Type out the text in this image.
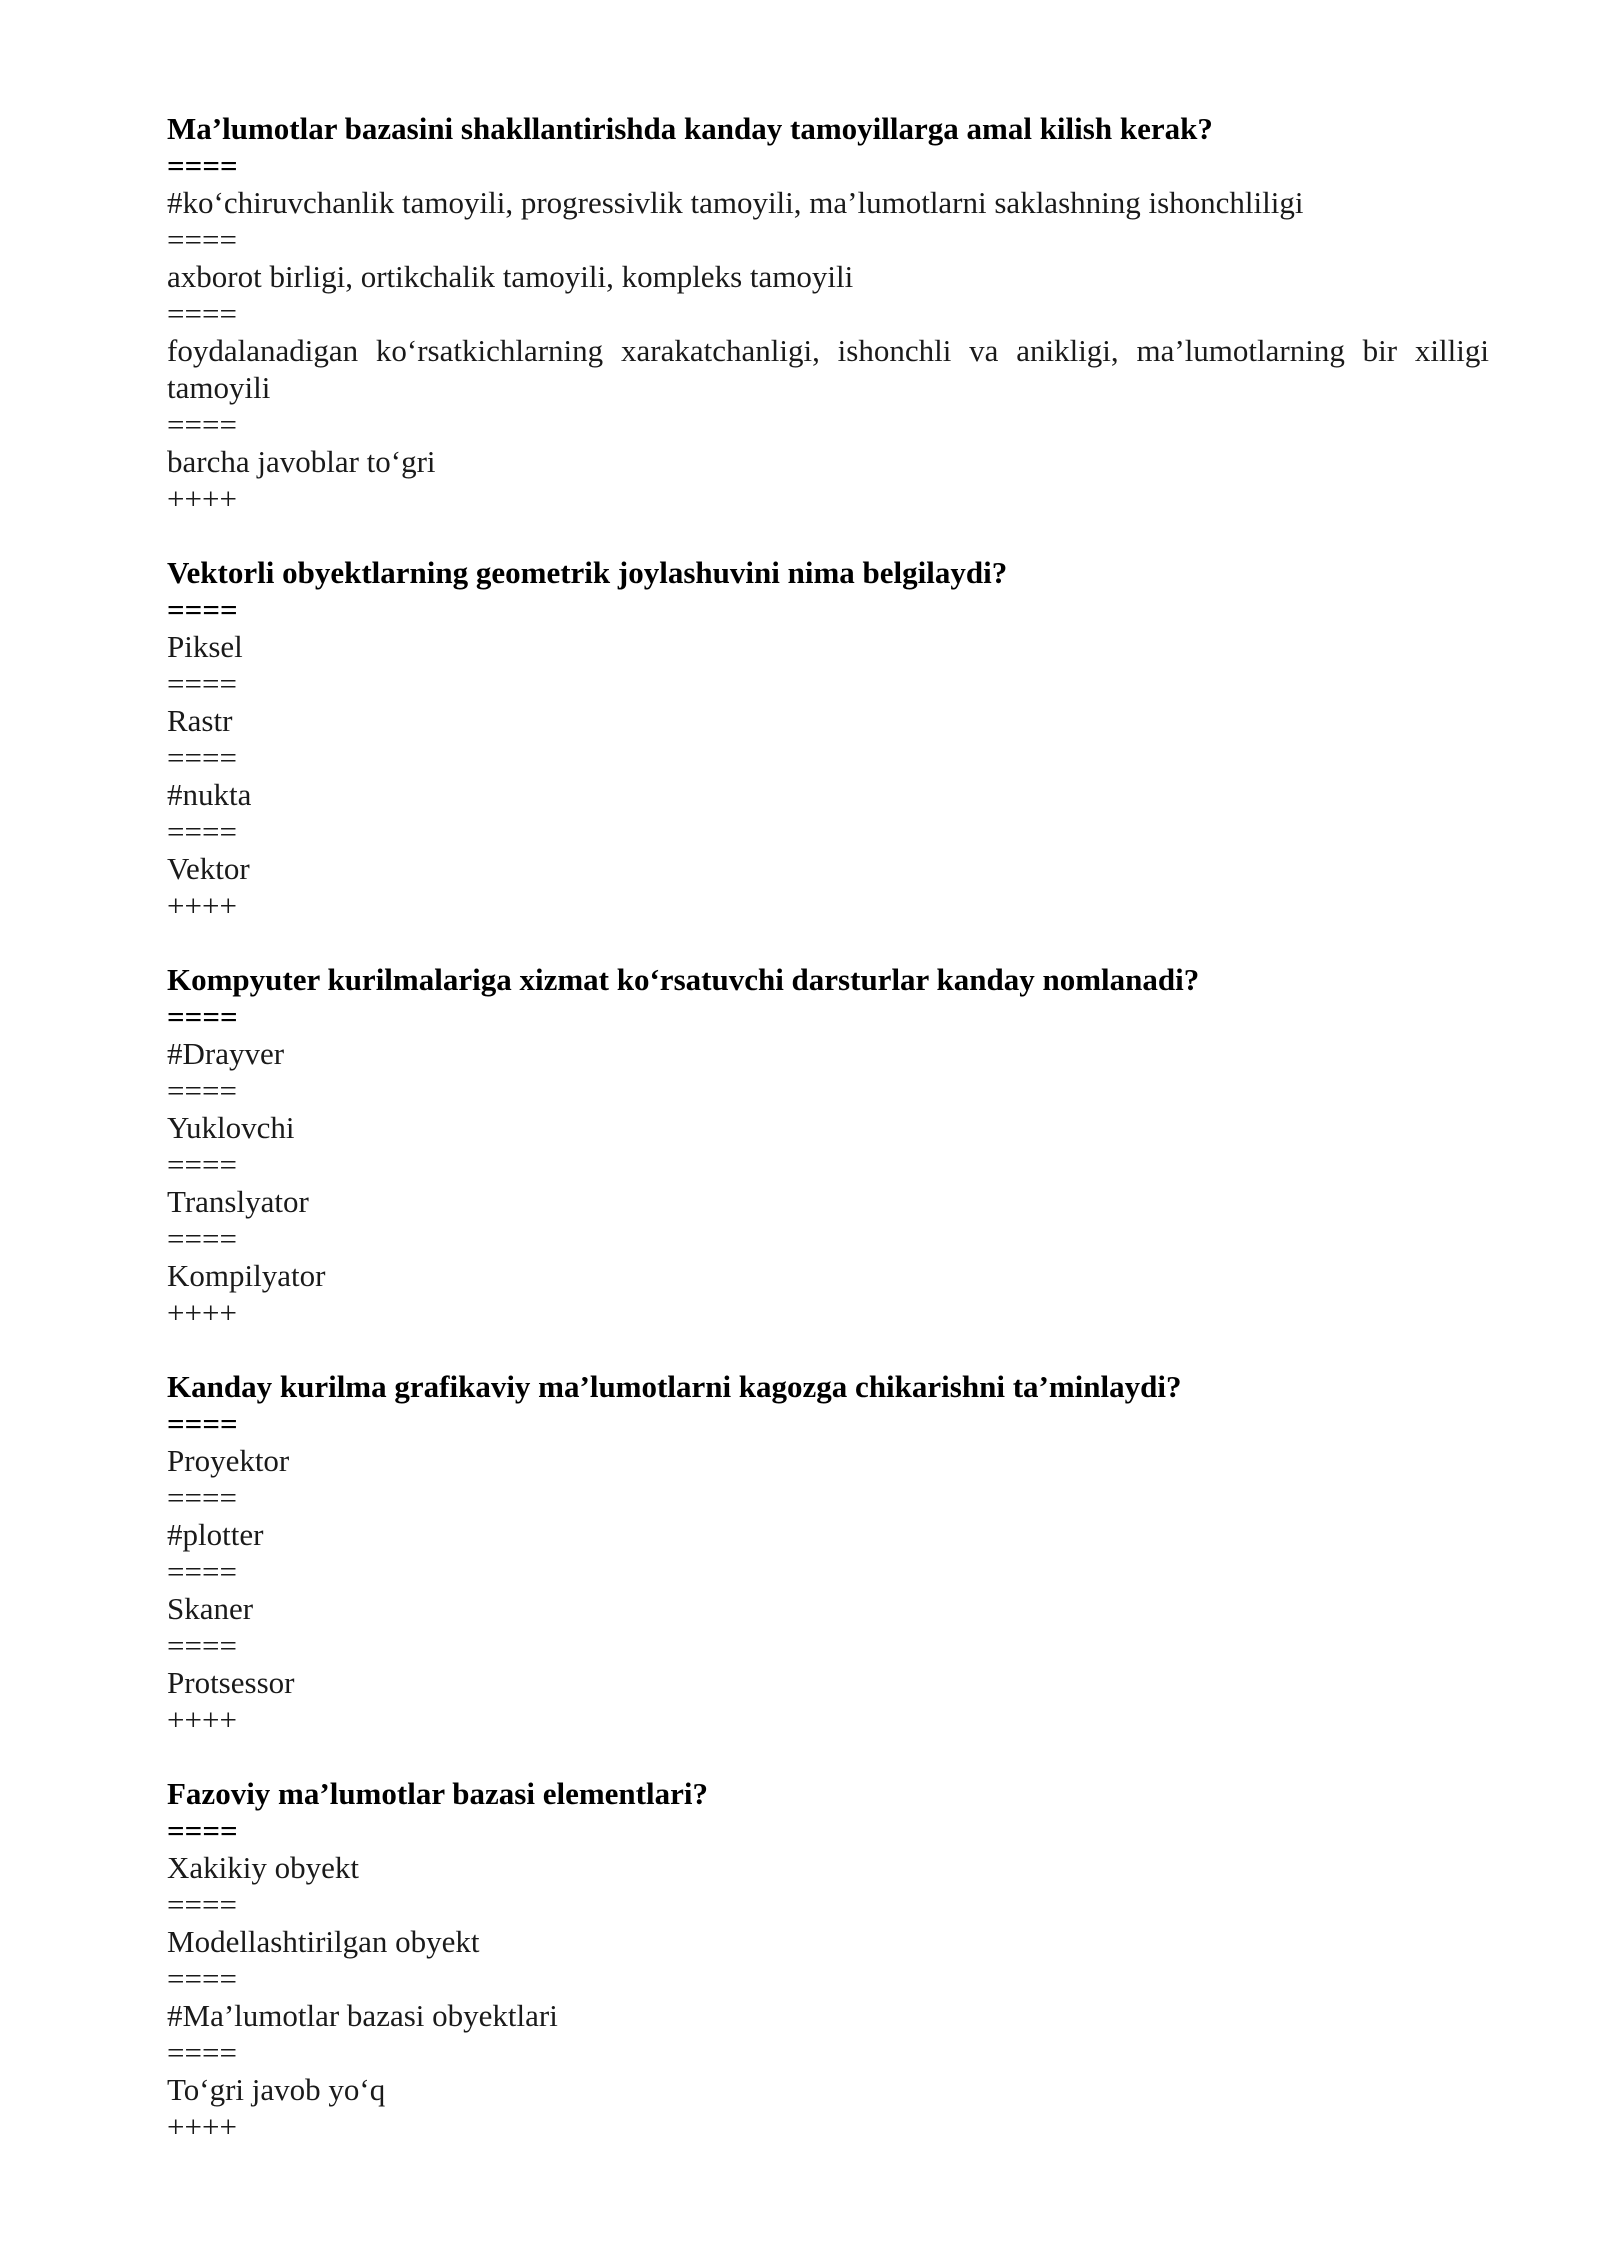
Ma’lumotlar bazasini shakllantirishda kanday tamoyillarga amal kilish kerak?
====
#ko‘chiruvchanlik tamoyili, progressivlik tamoyili, ma’lumotlarni saklashning ishonchliligi
====
axborot birligi, ortikchalik tamoyili, kompleks tamoyili
====
foydalanadigan ko‘rsatkichlarning xarakatchanligi, ishonchli va anikligi, ma’lumotlarning bir xilligi tamoyili
====
barcha javoblar to‘gri
++++
Vektorli obyektlarning geometrik joylashuvini nima belgilaydi?
====
Piksel
====
Rastr
====
#nukta
====
Vektor
++++
Kompyuter kurilmalariga xizmat ko‘rsatuvchi darsturlar kanday nomlanadi?
====
#Drayver
====
Yuklovchi
====
Translyator
====
Kompilyator
++++
Kanday kurilma grafikaviy ma’lumotlarni kagozga chikarishni ta’minlaydi?
====
Proyektor
====
#plotter
====
Skaner
====
Protsessor
++++
Fazoviy ma’lumotlar bazasi elementlari?
====
Xakikiy obyekt
====
Modellashtirilgan obyekt
====
#Ma’lumotlar bazasi obyektlari
====
To‘gri javob yo‘q
++++
